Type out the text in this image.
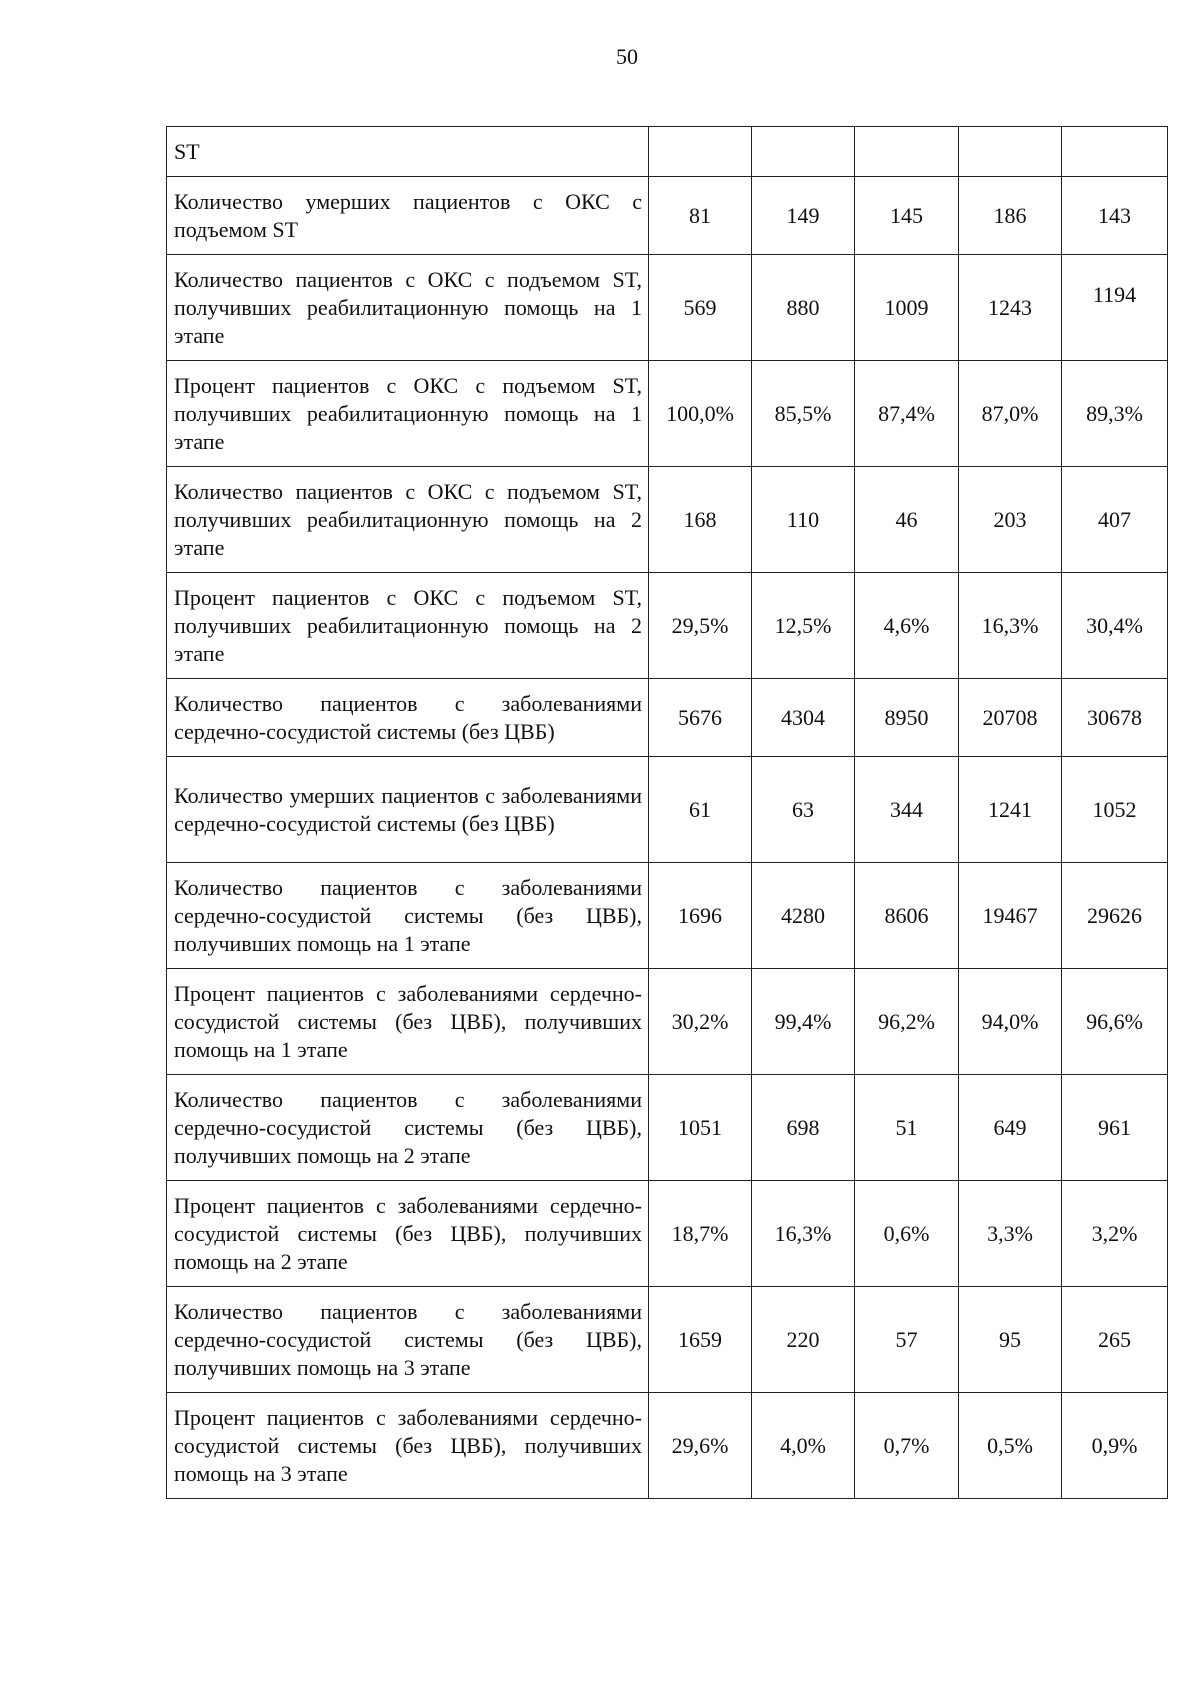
50
ST					
Количество умерших пациентов с ОКС с подъемом ST	81	149	145	186	143
Количество пациентов с ОКС с подъемом ST, получивших реабилитационную помощь на 1 этапе	569	880	1009	1243	1194

Процент пациентов с ОКС с подъемом ST, получивших реабилитационную помощь на 1 этапе	100,0%	85,5%	87,4%	87,0%	89,3%
Количество пациентов с ОКС с подъемом ST, получивших реабилитационную помощь на 2 этапе	168	110	46	203	407
Процент пациентов с ОКС с подъемом ST, получивших реабилитационную помощь на 2 этапе	29,5%	12,5%	4,6%	16,3%	30,4%
Количество пациентов с заболеваниями сердечно-сосудистой системы (без ЦВБ)	5676	4304	8950	20708	30678
Количество умерших пациентов с заболеваниями сердечно-сосудистой системы (без ЦВБ)	61	63	344	1241	1052
Количество пациентов с заболеваниями сердечно-сосудистой системы (без ЦВБ), получивших помощь на 1 этапе	1696	4280	8606	19467	29626
Процент пациентов с заболеваниями сердечно-сосудистой системы (без ЦВБ), получивших помощь на 1 этапе	30,2%	99,4%	96,2%	94,0%	96,6%
Количество пациентов с заболеваниями сердечно-сосудистой системы (без ЦВБ), получивших помощь на 2 этапе	1051	698	51	649	961
Процент пациентов с заболеваниями сердечно-сосудистой системы (без ЦВБ), получивших помощь на 2 этапе	18,7%	16,3%	0,6%	3,3%	3,2%
Количество пациентов с заболеваниями сердечно-сосудистой системы (без ЦВБ), получивших помощь на 3 этапе	1659	220	57	95	265
Процент пациентов с заболеваниями сердечно-сосудистой системы (без ЦВБ), получивших помощь на 3 этапе	29,6%	4,0%	0,7%	0,5%	0,9%
